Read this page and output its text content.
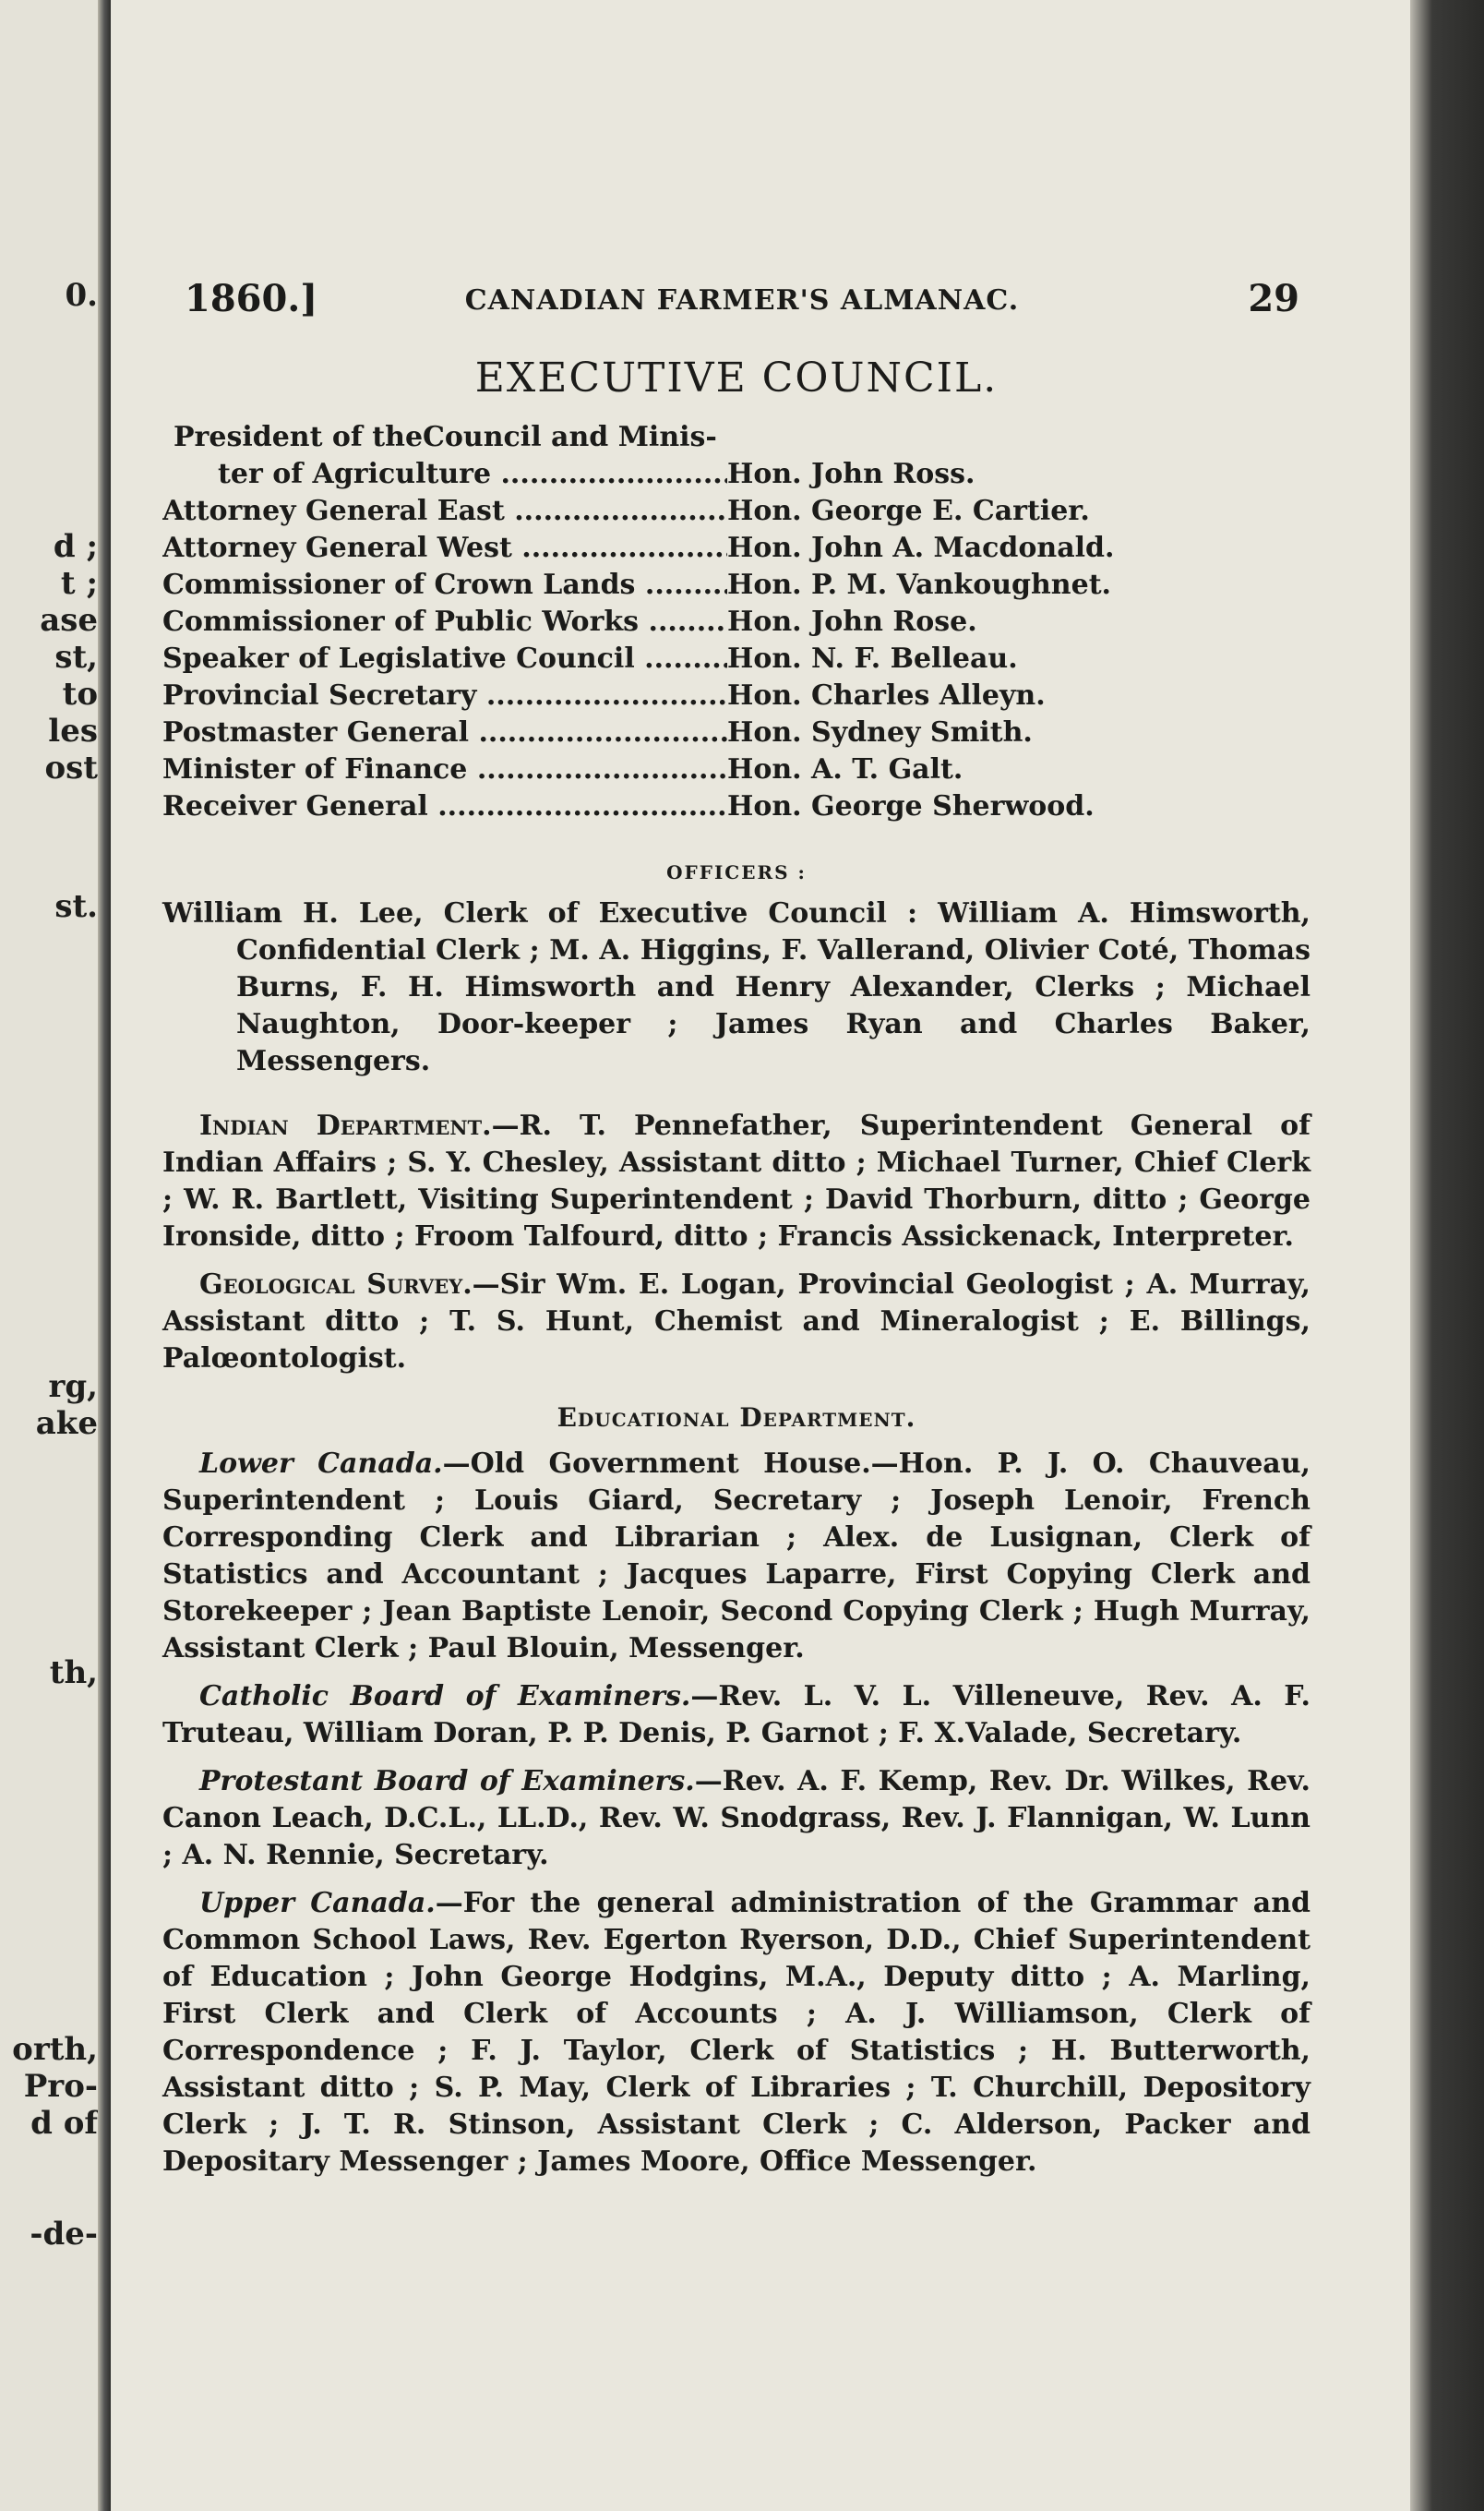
0.
d ;
t ;
ase
st,
to
les
ost
st.
rg,
ake
th,
orth,
Pro-
d of
-de-
1860.]	CANADIAN FARMER'S ALMANAC.	29
EXECUTIVE COUNCIL.
President of theCouncil and Minis-
ter of Agriculture .....	Hon. John Ross.
Attorney General East .....	Hon. George E. Cartier.
Attorney General West .....	Hon. John A. Macdonald.
Commissioner of Crown Lands .....	Hon. P. M. Vankoughnet.
Commissioner of Public Works .....	Hon. John Rose.
Speaker of Legislative Council .....	Hon. N. F. Belleau.
Provincial Secretary .....	Hon. Charles Alleyn.
Postmaster General .....	Hon. Sydney Smith.
Minister of Finance .....	Hon. A. T. Galt.
Receiver General .....	Hon. George Sherwood.
OFFICERS :

William H. Lee, Clerk of Executive Council : William A. Himsworth, Confidential Clerk ; M. A. Higgins, F. Vallerand, Olivier Coté, Thomas Burns, F. H. Himsworth and Henry Alexander, Clerks ; Michael Naughton, Door-keeper ; James Ryan and Charles Baker, Messengers.

Indian Department.—R. T. Pennefather, Superintendent General of Indian Affairs ; S. Y. Chesley, Assistant ditto ; Michael Turner, Chief Clerk ; W. R. Bartlett, Visiting Superintendent ; David Thorburn, ditto ; George Ironside, ditto ; Froom Talfourd, ditto ; Francis Assickenack, Interpreter.

Geological Survey.—Sir Wm. E. Logan, Provincial Geologist ; A. Murray, Assistant ditto ; T. S. Hunt, Chemist and Mineralogist ; E. Billings, Palœontologist.

Educational Department.

Lower Canada.—Old Government House.—Hon. P. J. O. Chauveau, Superintendent ; Louis Giard, Secretary ; Joseph Lenoir, French Corresponding Clerk and Librarian ; Alex. de Lusignan, Clerk of Statistics and Accountant ; Jacques Laparre, First Copying Clerk and Storekeeper ; Jean Baptiste Lenoir, Second Copying Clerk ; Hugh Murray, Assistant Clerk ; Paul Blouin, Messenger.

Catholic Board of Examiners.—Rev. L. V. L. Villeneuve, Rev. A. F. Truteau, William Doran, P. P. Denis, P. Garnot ; F. X.Valade, Secretary.

Protestant Board of Examiners.—Rev. A. F. Kemp, Rev. Dr. Wilkes, Rev. Canon Leach, D.C.L., LL.D., Rev. W. Snodgrass, Rev. J. Flannigan, W. Lunn ; A. N. Rennie, Secretary.

Upper Canada.—For the general administration of the Grammar and Common School Laws, Rev. Egerton Ryerson, D.D., Chief Superintendent of Education ; John George Hodgins, M.A., Deputy ditto ; A. Marling, First Clerk and Clerk of Accounts ; A. J. Williamson, Clerk of Correspondence ; F. J. Taylor, Clerk of Statistics ; H. Butterworth, Assistant ditto ; S. P. May, Clerk of Libraries ; T. Churchill, Depository Clerk ; J. T. R. Stinson, Assistant Clerk ; C. Alderson, Packer and Depositary Messenger ; James Moore, Office Messenger.
